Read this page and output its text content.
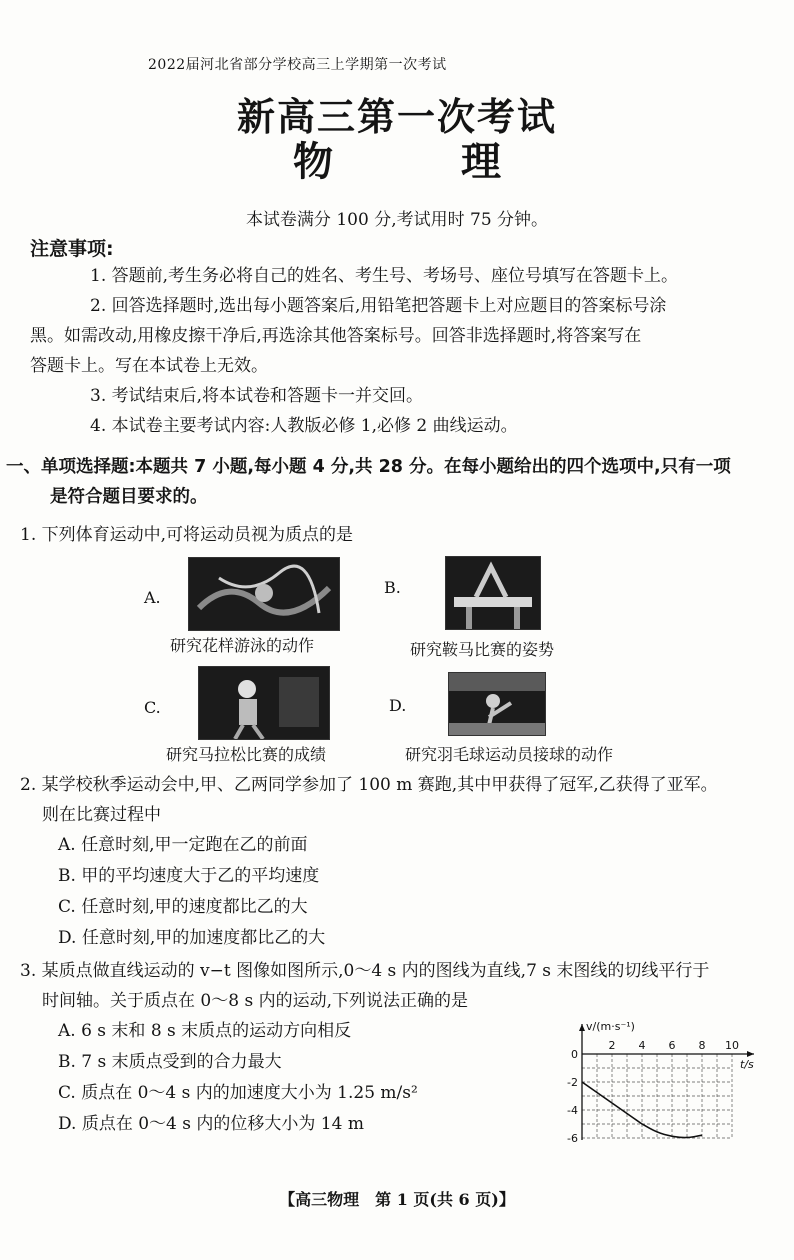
2022届河北省部分学校高三上学期第一次考试
新高三第一次考试
物　理
本试卷满分 100 分,考试用时 75 分钟。
注意事项:
1. 答题前,考生务必将自己的姓名、考生号、考场号、座位号填写在答题卡上。
2. 回答选择题时,选出每小题答案后,用铅笔把答题卡上对应题目的答案标号涂
黑。如需改动,用橡皮擦干净后,再选涂其他答案标号。回答非选择题时,将答案写在
答题卡上。写在本试卷上无效。
3. 考试结束后,将本试卷和答题卡一并交回。
4. 本试卷主要考试内容:人教版必修 1,必修 2 曲线运动。
一、单项选择题:本题共 7 小题,每小题 4 分,共 28 分。在每小题给出的四个选项中,只有一项
是符合题目要求的。
1. 下列体育运动中,可将运动员视为质点的是
A.
研究花样游泳的动作
B.
研究鞍马比赛的姿势
C.
研究马拉松比赛的成绩
D.
研究羽毛球运动员接球的动作
2. 某学校秋季运动会中,甲、乙两同学参加了 100 m 赛跑,其中甲获得了冠军,乙获得了亚军。
则在比赛过程中
A. 任意时刻,甲一定跑在乙的前面
B. 甲的平均速度大于乙的平均速度
C. 任意时刻,甲的速度都比乙的大
D. 任意时刻,甲的加速度都比乙的大
3. 某质点做直线运动的 v−t 图像如图所示,0～4 s 内的图线为直线,7 s 末图线的切线平行于
时间轴。关于质点在 0～8 s 内的运动,下列说法正确的是
A. 6 s 末和 8 s 末质点的运动方向相反
B. 7 s 末质点受到的合力最大
C. 质点在 0～4 s 内的加速度大小为 1.25 m/s²
D. 质点在 0～4 s 内的位移大小为 14 m
2 4 6 8 10
0
-2
-4
-6
v/(m·s⁻¹)
t/s
【高三物理　第 1 页(共 6 页)】
